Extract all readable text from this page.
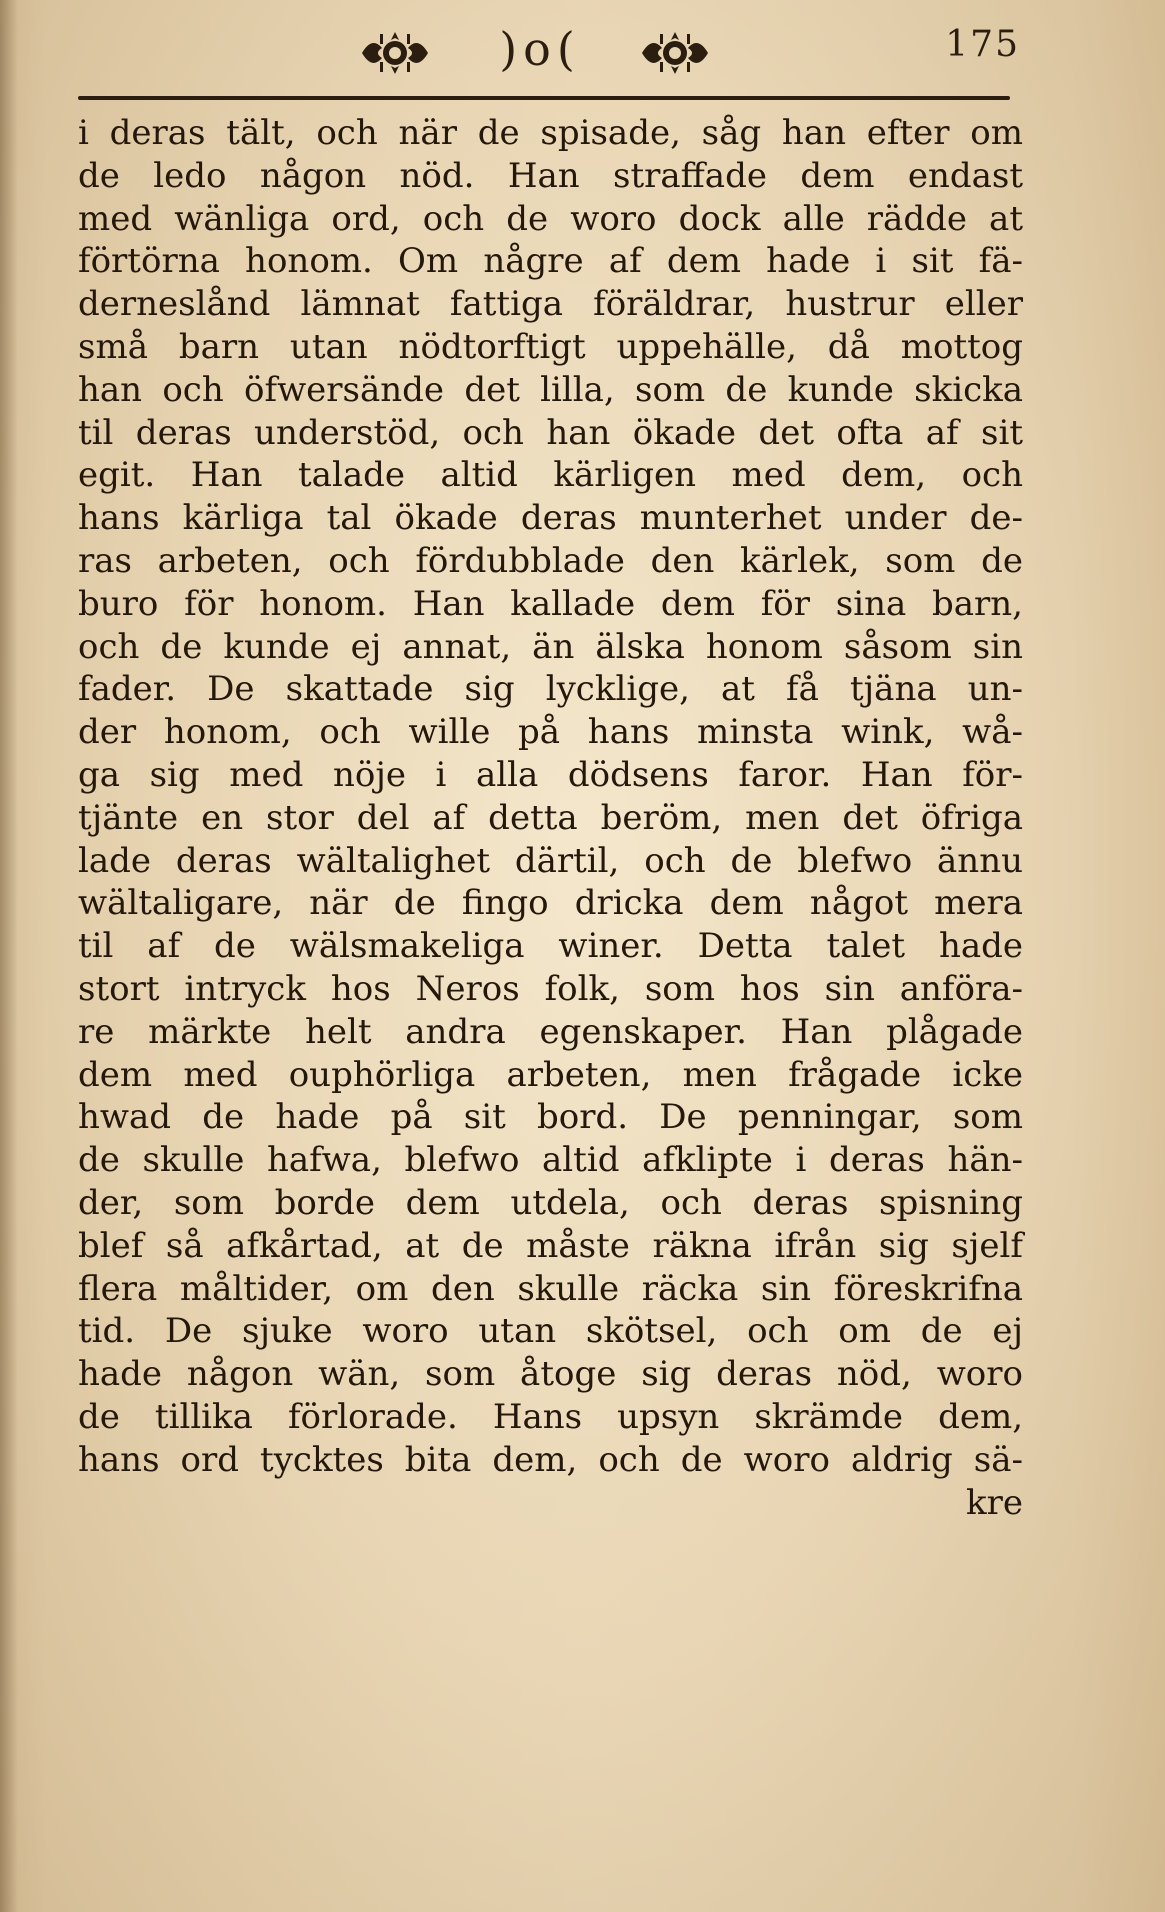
)o(	175
i deras tält, och när de spisade, såg han efter om
de ledo någon nöd. Han straffade dem endast
med wänliga ord, och de woro dock alle rädde at
förtörna honom. Om någre af dem hade i sit fä-
derneslånd lämnat fattiga föräldrar, hustrur eller
små barn utan nödtorftigt uppehälle, då mottog
han och öfwersände det lilla, som de kunde skicka
til deras understöd, och han ökade det ofta af sit
egit. Han talade altid kärligen med dem, och
hans kärliga tal ökade deras munterhet under de-
ras arbeten, och fördubblade den kärlek, som de
buro för honom. Han kallade dem för sina barn,
och de kunde ej annat, än älska honom såsom sin
fader. De skattade sig lycklige, at få tjäna un-
der honom, och wille på hans minsta wink, wå-
ga sig med nöje i alla dödsens faror. Han för-
tjänte en stor del af detta beröm, men det öfriga
lade deras wältalighet därtil, och de blefwo ännu
wältaligare, när de fingo dricka dem något mera
til af de wälsmakeliga winer. Detta talet hade
stort intryck hos Neros folk, som hos sin anföra-
re märkte helt andra egenskaper. Han plågade
dem med ouphörliga arbeten, men frågade icke
hwad de hade på sit bord. De penningar, som
de skulle hafwa, blefwo altid afklipte i deras hän-
der, som borde dem utdela, och deras spisning
blef så afkårtad, at de måste räkna ifrån sig sjelf
flera måltider, om den skulle räcka sin föreskrifna
tid. De sjuke woro utan skötsel, och om de ej
hade någon wän, som åtoge sig deras nöd, woro
de tillika förlorade. Hans upsyn skrämde dem,
hans ord tycktes bita dem, och de woro aldrig sä-
kre
